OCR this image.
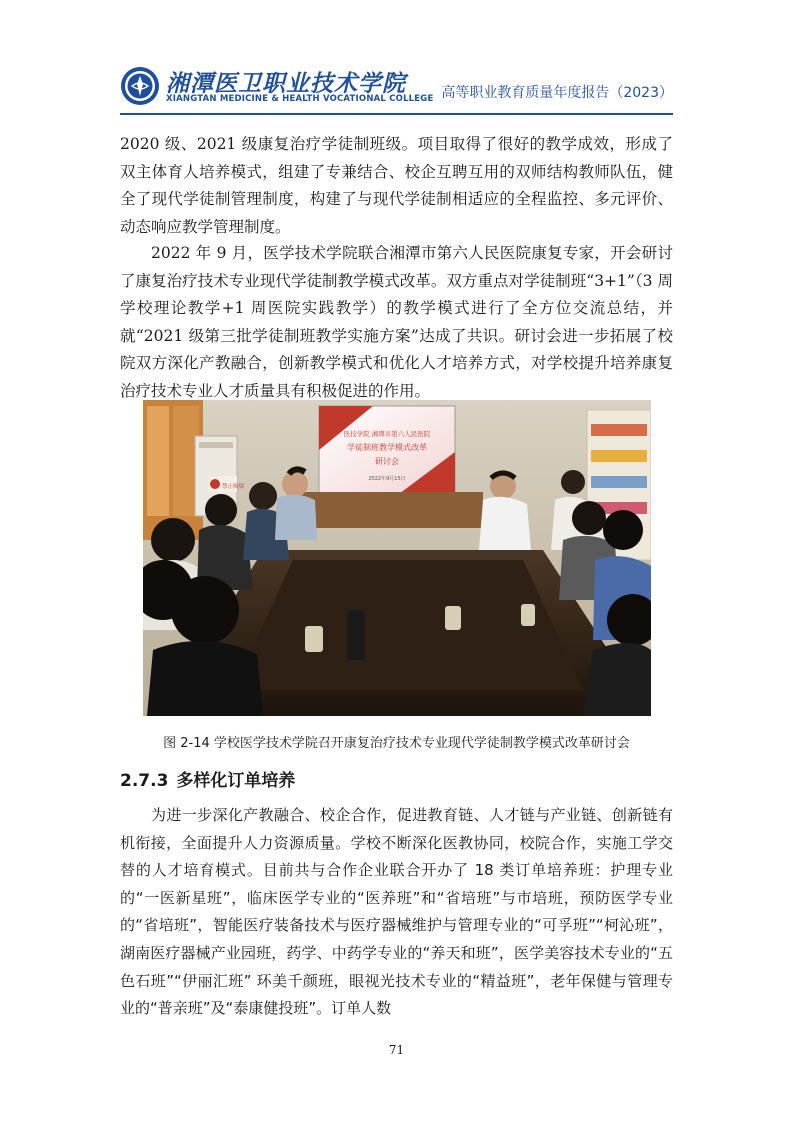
湘潭医卫职业技术学院
XIANGTAN MEDICINE & HEALTH VOCATIONAL COLLEGE 高等职业教育质量年度报告（2023）

2020 级、2021 级康复治疗学徒制班级。项目取得了很好的教学成效，形成了双主体育人培养模式，组建了专兼结合、校企互聘互用的双师结构教师队伍，健全了现代学徒制管理制度，构建了与现代学徒制相适应的全程监控、多元评价、动态响应教学管理制度。

2022 年 9 月，医学技术学院联合湘潭市第六人民医院康复专家，开会研讨了康复治疗技术专业现代学徒制教学模式改革。双方重点对学徒制班“3+1”（3 周学校理论教学+1 周医院实践教学）的教学模式进行了全方位交流总结，并就“2021 级第三批学徒制班教学实施方案”达成了共识。研讨会进一步拓展了校院双方深化产教融合，创新教学模式和优化人才培养方式，对学校提升培养康复治疗技术专业人才质量具有积极促进的作用。

禁止吸烟
医技学院 湘潭市第六人民医院
学徒制班教学模式改革
研讨会
2022年9月15日
图 2-14 学校医学技术学院召开康复治疗技术专业现代学徒制教学模式改革研讨会
2.7.3 多样化订单培养

为进一步深化产教融合、校企合作，促进教育链、人才链与产业链、创新链有机衔接，全面提升人力资源质量。学校不断深化医教协同，校院合作，实施工学交替的人才培育模式。目前共与合作企业联合开办了 18 类订单培养班：护理专业的“一医新星班”，临床医学专业的“医养班”和“省培班”与市培班，预防医学专业的“省培班”，智能医疗装备技术与医疗器械维护与管理专业的“可孚班”“柯沁班”，湖南医疗器械产业园班，药学、中药学专业的“养天和班”，医学美容技术专业的“五色石班”“伊丽汇班” 环美千颜班，眼视光技术专业的“精益班”，老年保健与管理专业的“普亲班”及“泰康健投班”。订单人数

71
